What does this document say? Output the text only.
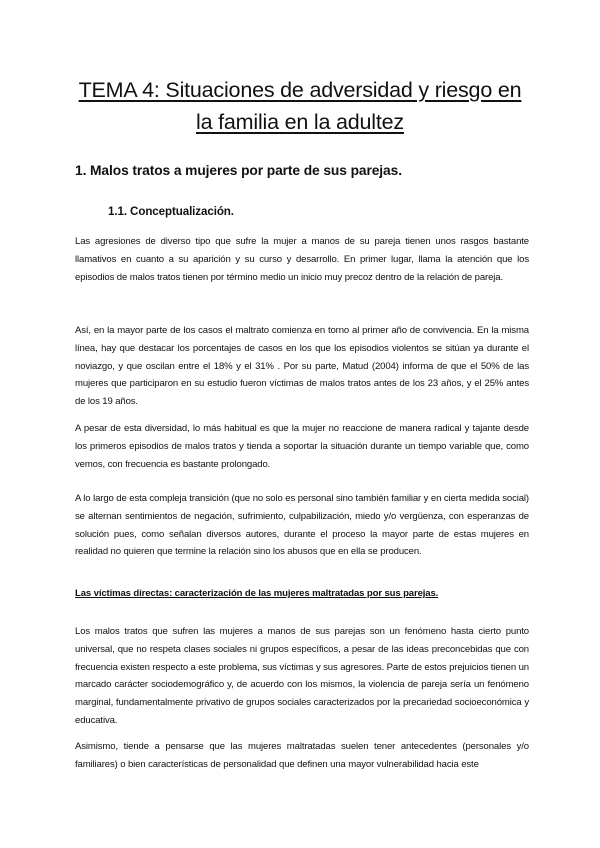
TEMA 4: Situaciones de adversidad y riesgo en
la familia en la adultez
1. Malos tratos a mujeres por parte de sus parejas.
1.1. Conceptualización.

Las agresiones de diverso tipo que sufre la mujer a manos de su pareja tienen unos rasgos bastante llamativos en cuanto a su aparición y su curso y desarrollo. En primer lugar, llama la atención que los episodios de malos tratos tienen por término medio un inicio muy precoz dentro de la relación de pareja.

Así, en la mayor parte de los casos el maltrato comienza en torno al primer año de convivencia. En la misma línea, hay que destacar los porcentajes de casos en los que los episodios violentos se sitúan ya durante el noviazgo, y que oscilan entre el 18% y el 31% . Por su parte, Matud (2004) informa de que el 50% de las mujeres que participaron en su estudio fueron víctimas de malos tratos antes de los 23 años, y el 25% antes de los 19 años.

A pesar de esta diversidad, lo más habitual es que la mujer no reaccione de manera radical y tajante desde los primeros episodios de malos tratos y tienda a soportar la situación durante un tiempo variable que, como vemos, con frecuencia es bastante prolongado.

A lo largo de esta compleja transición (que no solo es personal sino también familiar y en cierta medida social) se alternan sentimientos de negación, sufrimiento, culpabilización, miedo y/o vergüenza, con esperanzas de solución pues, como señalan diversos autores, durante el proceso la mayor parte de estas mujeres en realidad no quieren que termine la relación sino los abusos que en ella se producen.

Las víctimas directas: caracterización de las mujeres maltratadas por sus parejas.

Los malos tratos que sufren las mujeres a manos de sus parejas son un fenómeno hasta cierto punto universal, que no respeta clases sociales ni grupos específicos, a pesar de las ideas preconcebidas que con frecuencia existen respecto a este problema, sus víctimas y sus agresores. Parte de estos prejuicios tienen un marcado carácter sociodemográfico y, de acuerdo con los mismos, la violencia de pareja sería un fenómeno marginal, fundamentalmente privativo de grupos sociales caracterizados por la precariedad socioeconómica y educativa.

Asimismo, tiende a pensarse que las mujeres maltratadas suelen tener antecedentes (personales y/o familiares) o bien características de personalidad que definen una mayor vulnerabilidad hacia este
